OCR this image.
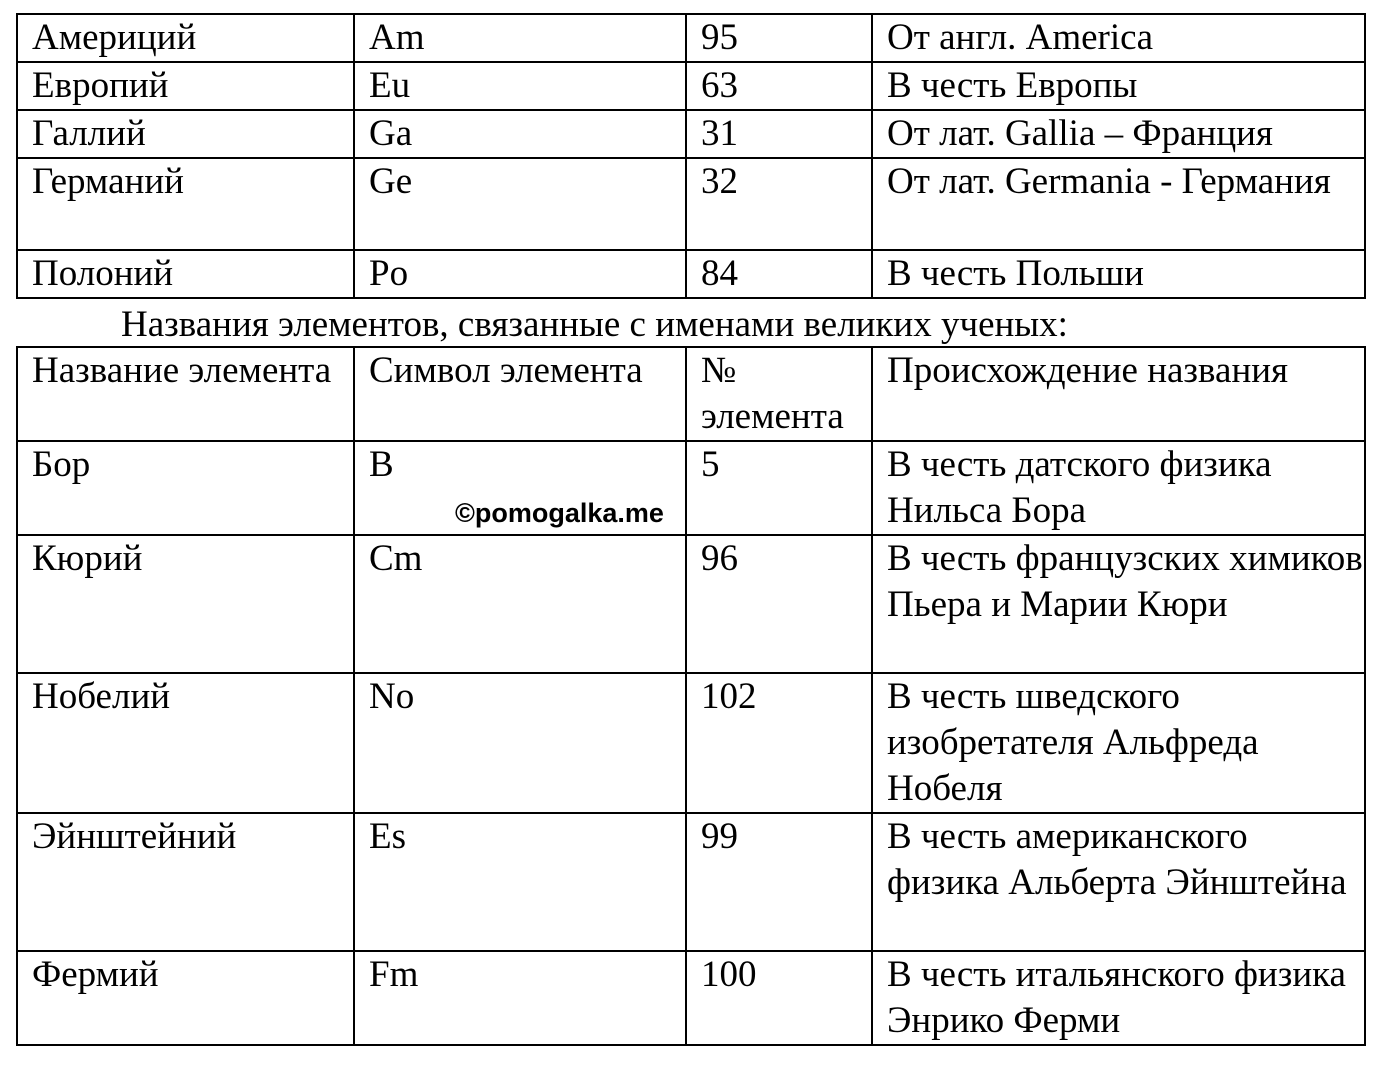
Америций	Am	95	От англ. America
Европий	Eu	63	В честь Европы
Галлий	Ga	31	От лат. Gallia – Франция
Германий	Ge	32	От лат. Germania - Германия
Полоний	Po	84	В честь Польши
Названия элементов, связанные с именами великих ученых:
Название элемента	Символ элемента	№ элемента	Происхождение названия
Бор	B	5	В честь датского физика Нильса Бора
Кюрий	Cm	96	В честь французских химиков Пьера и Марии Кюри
Нобелий	No	102	В честь шведского изобретателя Альфреда Нобеля
Эйнштейний	Es	99	В честь американского физика Альберта Эйнштейна
Фермий	Fm	100	В честь итальянского физика Энрико Ферми
©pomogalka.me
